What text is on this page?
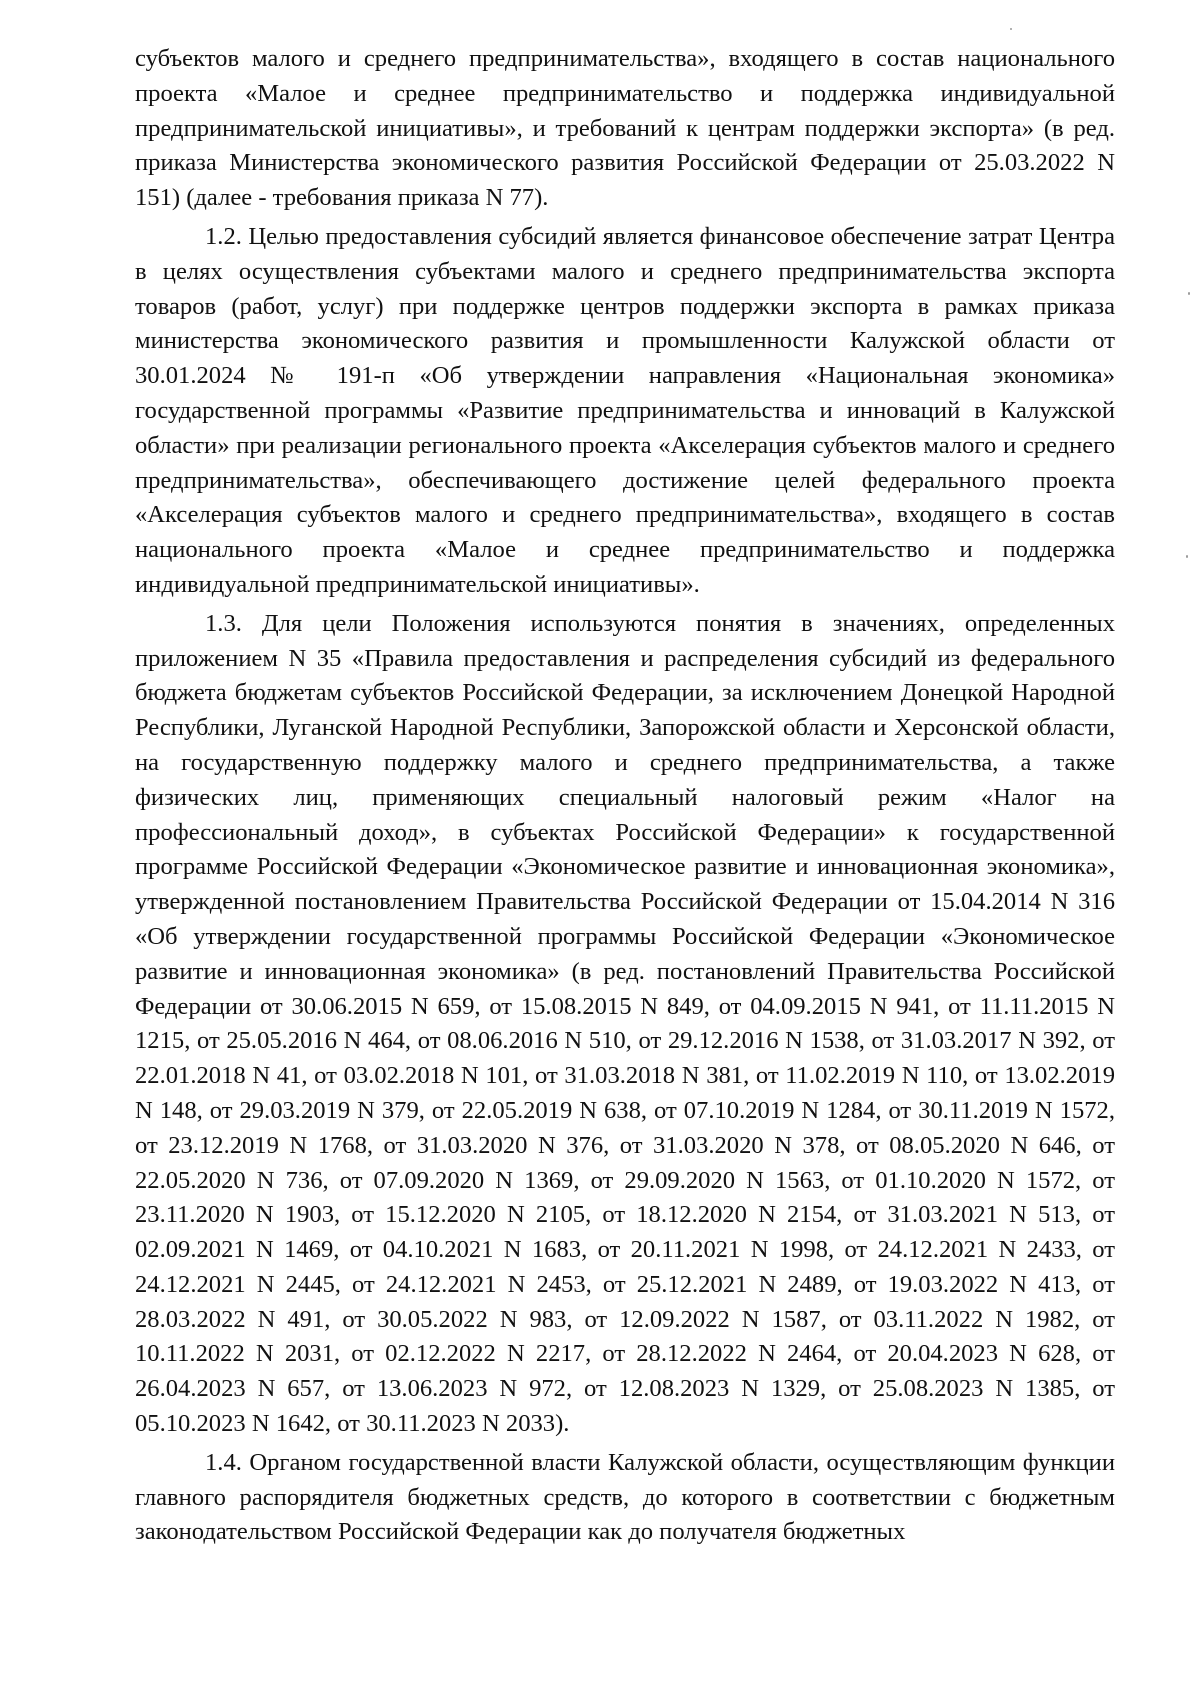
субъектов малого и среднего предпринимательства», входящего в состав национального проекта «Малое и среднее предпринимательство и поддержка индивидуальной предпринимательской инициативы», и требований к центрам поддержки экспорта» (в ред. приказа Министерства экономического развития Российской Федерации от 25.03.2022 N 151) (далее - требования приказа N 77).

1.2. Целью предоставления субсидий является финансовое обеспечение затрат Центра в целях осуществления субъектами малого и среднего предпринимательства экспорта товаров (работ, услуг) при поддержке центров поддержки экспорта в рамках приказа министерства экономического развития и промышленности Калужской области от 30.01.2024 № 191-п «Об утверждении направления «Национальная экономика» государственной программы «Развитие предпринимательства и инноваций в Калужской области» при реализации регионального проекта «Акселерация субъектов малого и среднего предпринимательства», обеспечивающего достижение целей федерального проекта «Акселерация субъектов малого и среднего предпринимательства», входящего в состав национального проекта «Малое и среднее предпринимательство и поддержка индивидуальной предпринимательской инициативы».

1.3. Для цели Положения используются понятия в значениях, определенных приложением N 35 «Правила предоставления и распределения субсидий из федерального бюджета бюджетам субъектов Российской Федерации, за исключением Донецкой Народной Республики, Луганской Народной Республики, Запорожской области и Херсонской области, на государственную поддержку малого и среднего предпринимательства, а также физических лиц, применяющих специальный налоговый режим «Налог на профессиональный доход», в субъектах Российской Федерации» к государственной программе Российской Федерации «Экономическое развитие и инновационная экономика», утвержденной постановлением Правительства Российской Федерации от 15.04.2014 N 316 «Об утверждении государственной программы Российской Федерации «Экономическое развитие и инновационная экономика» (в ред. постановлений Правительства Российской Федерации от 30.06.2015 N 659, от 15.08.2015 N 849, от 04.09.2015 N 941, от 11.11.2015 N 1215, от 25.05.2016 N 464, от 08.06.2016 N 510, от 29.12.2016 N 1538, от 31.03.2017 N 392, от 22.01.2018 N 41, от 03.02.2018 N 101, от 31.03.2018 N 381, от 11.02.2019 N 110, от 13.02.2019 N 148, от 29.03.2019 N 379, от 22.05.2019 N 638, от 07.10.2019 N 1284, от 30.11.2019 N 1572, от 23.12.2019 N 1768, от 31.03.2020 N 376, от 31.03.2020 N 378, от 08.05.2020 N 646, от 22.05.2020 N 736, от 07.09.2020 N 1369, от 29.09.2020 N 1563, от 01.10.2020 N 1572, от 23.11.2020 N 1903, от 15.12.2020 N 2105, от 18.12.2020 N 2154, от 31.03.2021 N 513, от 02.09.2021 N 1469, от 04.10.2021 N 1683, от 20.11.2021 N 1998, от 24.12.2021 N 2433, от 24.12.2021 N 2445, от 24.12.2021 N 2453, от 25.12.2021 N 2489, от 19.03.2022 N 413, от 28.03.2022 N 491, от 30.05.2022 N 983, от 12.09.2022 N 1587, от 03.11.2022 N 1982, от 10.11.2022 N 2031, от 02.12.2022 N 2217, от 28.12.2022 N 2464, от 20.04.2023 N 628, от 26.04.2023 N 657, от 13.06.2023 N 972, от 12.08.2023 N 1329, от 25.08.2023 N 1385, от 05.10.2023 N 1642, от 30.11.2023 N 2033).

1.4. Органом государственной власти Калужской области, осуществляющим функции главного распорядителя бюджетных средств, до которого в соответствии с бюджетным законодательством Российской Федерации как до получателя бюджетных
